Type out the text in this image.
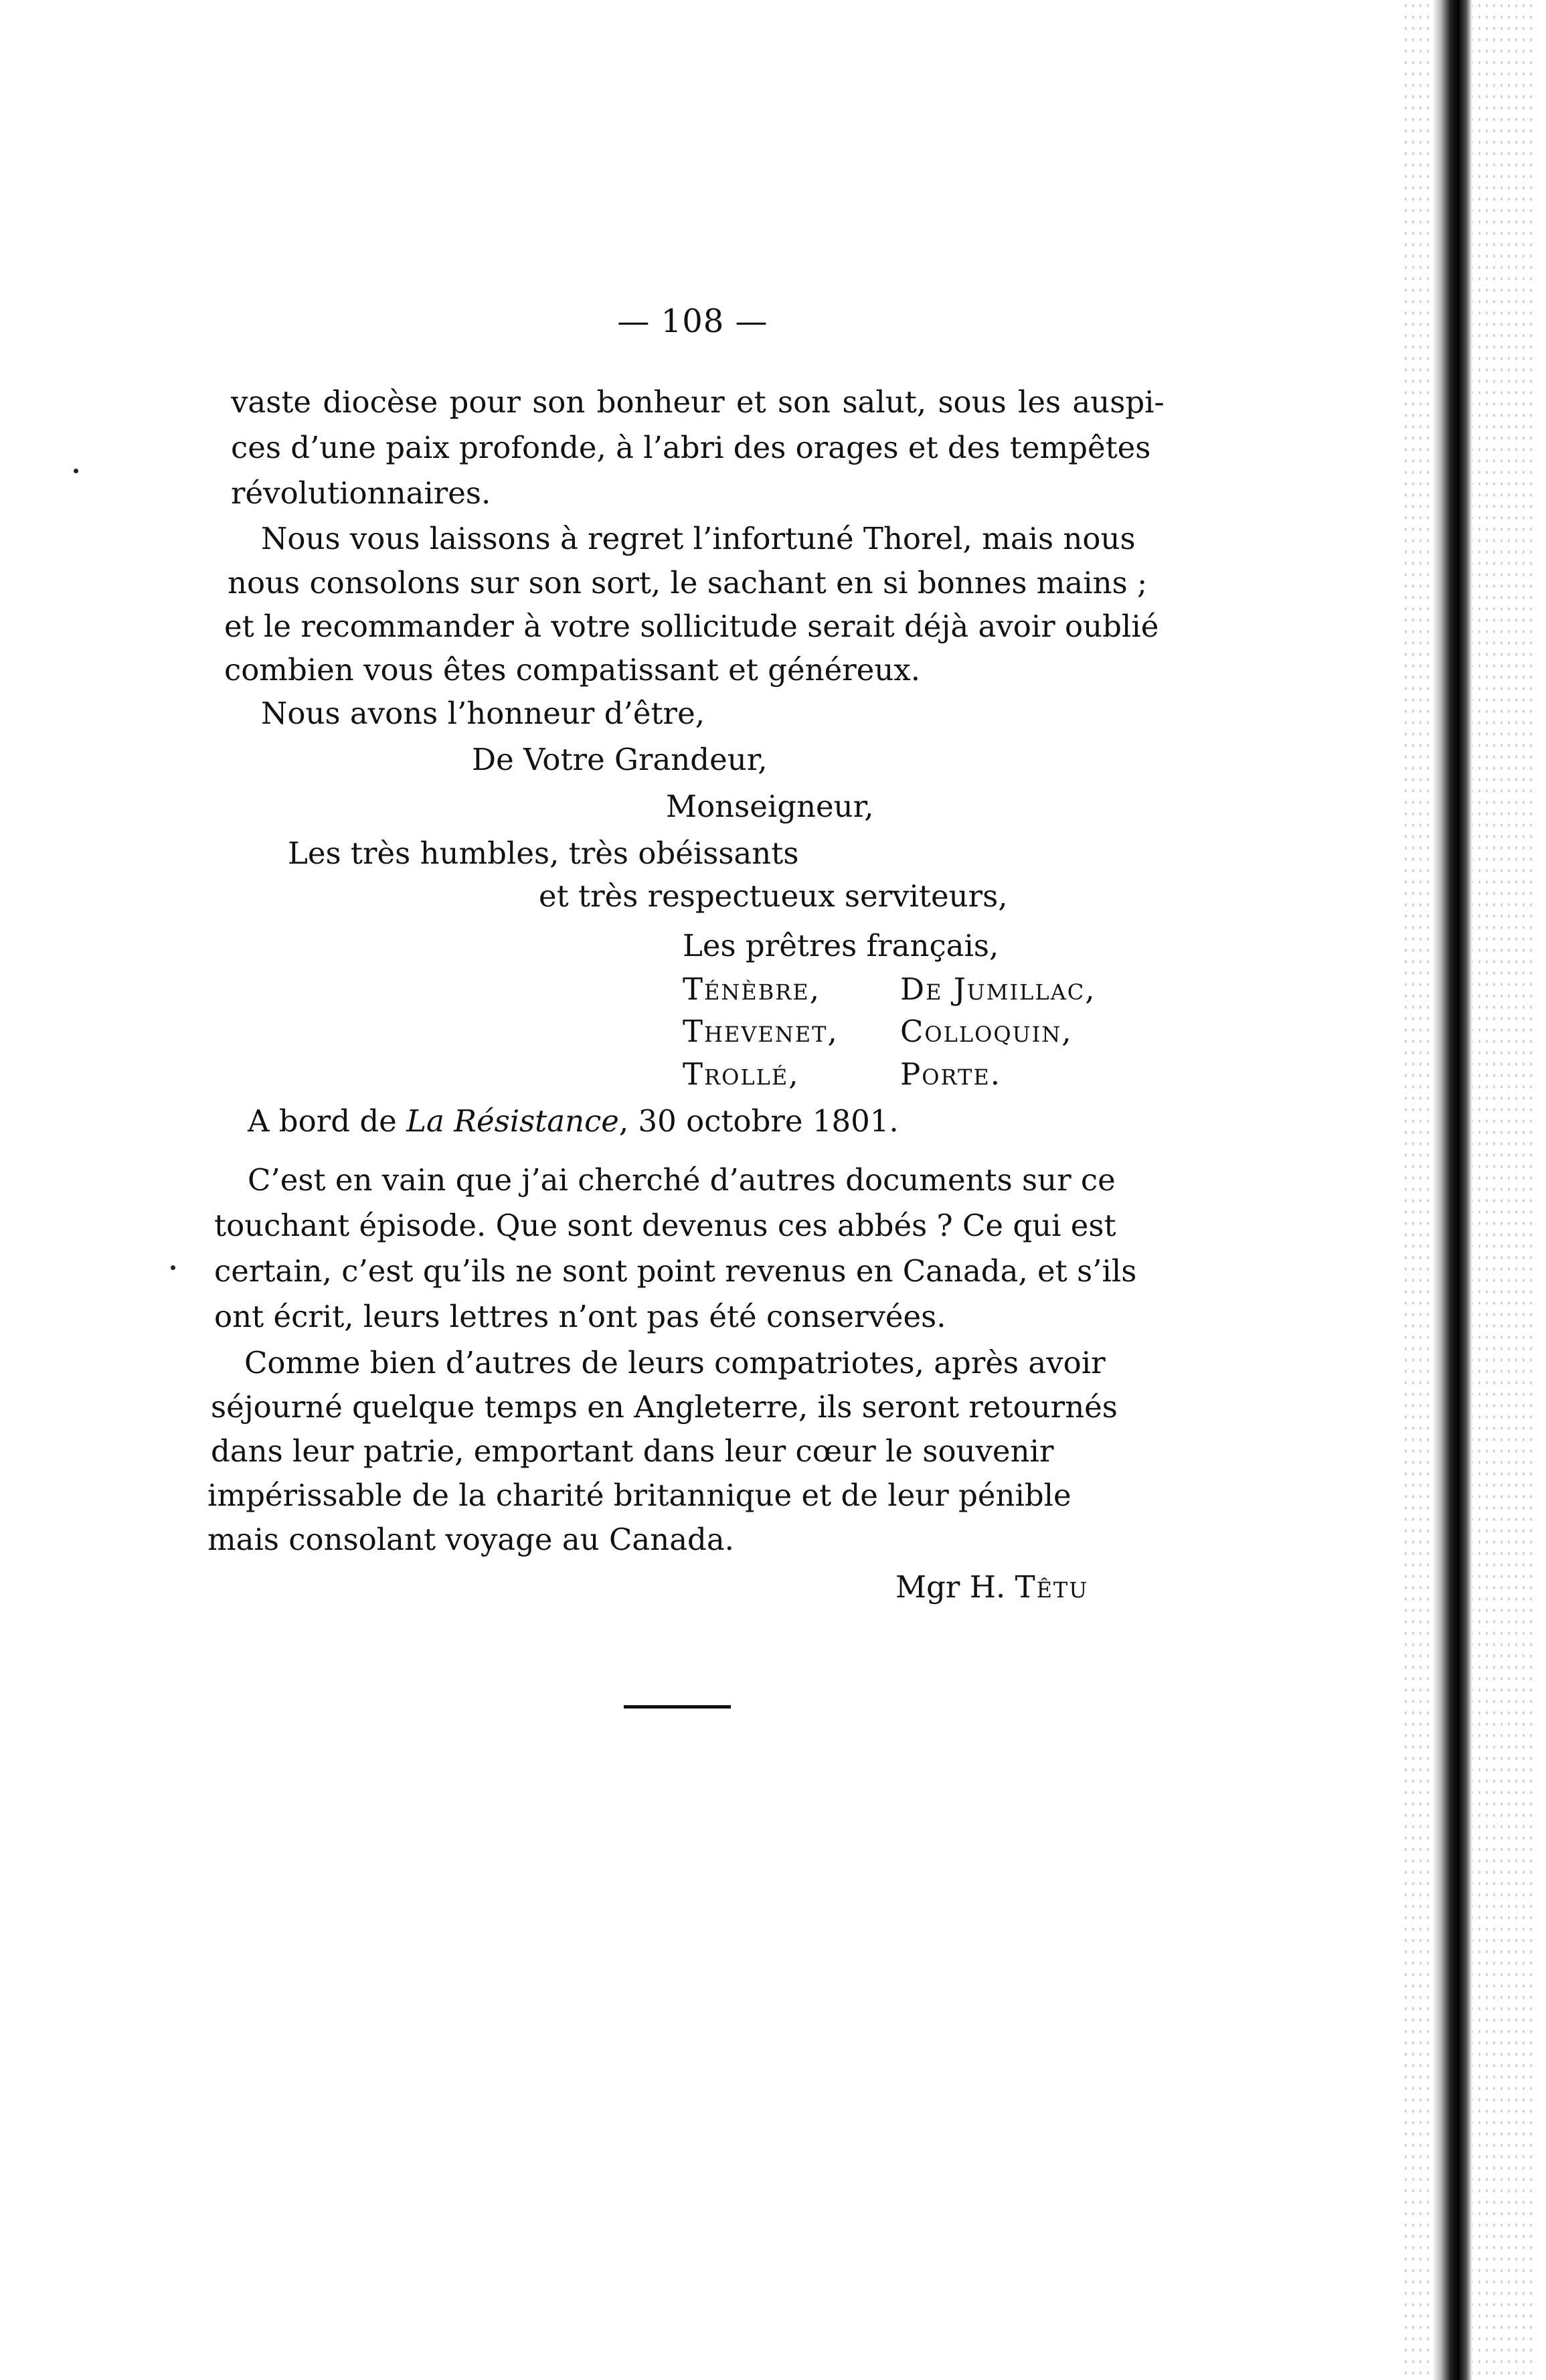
— 108 —
vaste diocèse pour son bonheur et son salut, sous les auspi-
ces d’une paix profonde, à l’abri des orages et des tempêtes
révolutionnaires.
Nous vous laissons à regret l’infortuné Thorel, mais nous
nous consolons sur son sort, le sachant en si bonnes mains ;
et le recommander à votre sollicitude serait déjà avoir oublié
combien vous êtes compatissant et généreux.
Nous avons l’honneur d’être,
De Votre Grandeur,
Monseigneur,
Les très humbles, très obéissants
et très respectueux serviteurs,
Les prêtres français,
Ténèbre,	De Jumillac,
Thevenet, Colloquin,
Trollé,	Porte.
A bord de La Résistance, 30 octobre 1801.
C’est en vain que j’ai cherché d’autres documents sur ce
touchant épisode. Que sont devenus ces abbés ? Ce qui est
certain, c’est qu’ils ne sont point revenus en Canada, et s’ils
ont écrit, leurs lettres n’ont pas été conservées.
Comme bien d’autres de leurs compatriotes, après avoir
séjourné quelque temps en Angleterre, ils seront retournés
dans leur patrie, emportant dans leur cœur le souvenir
impérissable de la charité britannique et de leur pénible
mais consolant voyage au Canada.
Mgr H. Têtu
